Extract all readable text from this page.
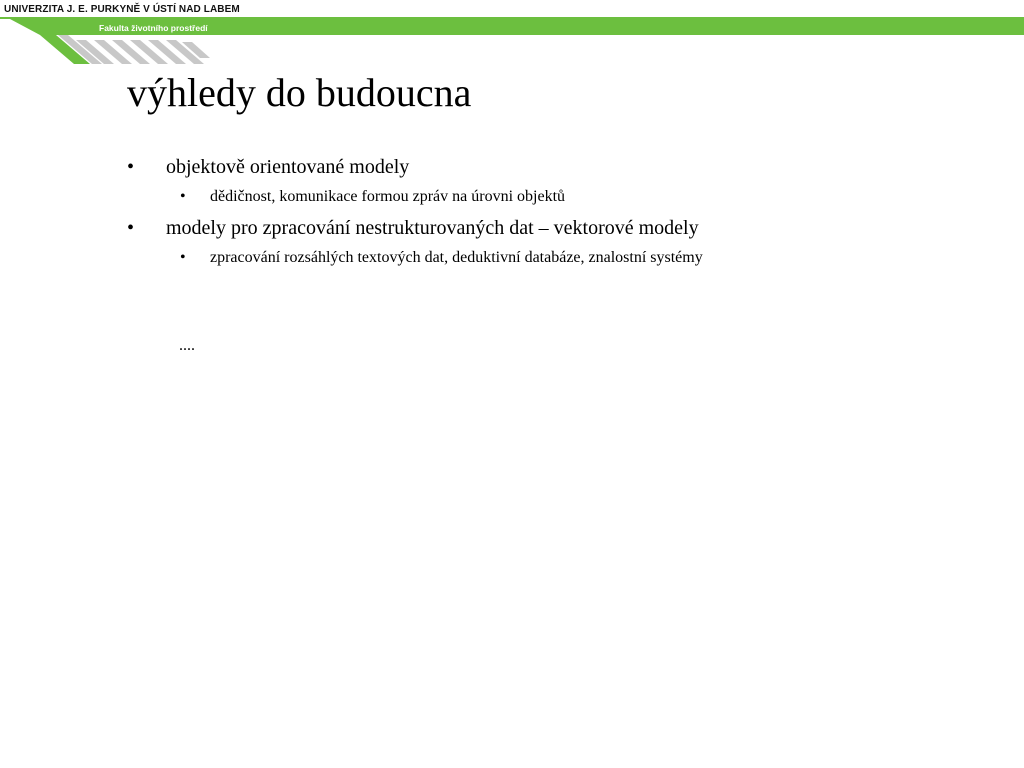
UNIVERZITA J. E. PURKYNĚ V ÚSTÍ NAD LABEM
Fakulta životního prostředí
výhledy do budoucna
• objektově orientované modely
• dědičnost, komunikace formou zpráv na úrovni objektů
• modely pro zpracování nestrukturovaných dat – vektorové modely
• zpracování rozsáhlých textových dat, deduktivní databáze, znalostní systémy
....
